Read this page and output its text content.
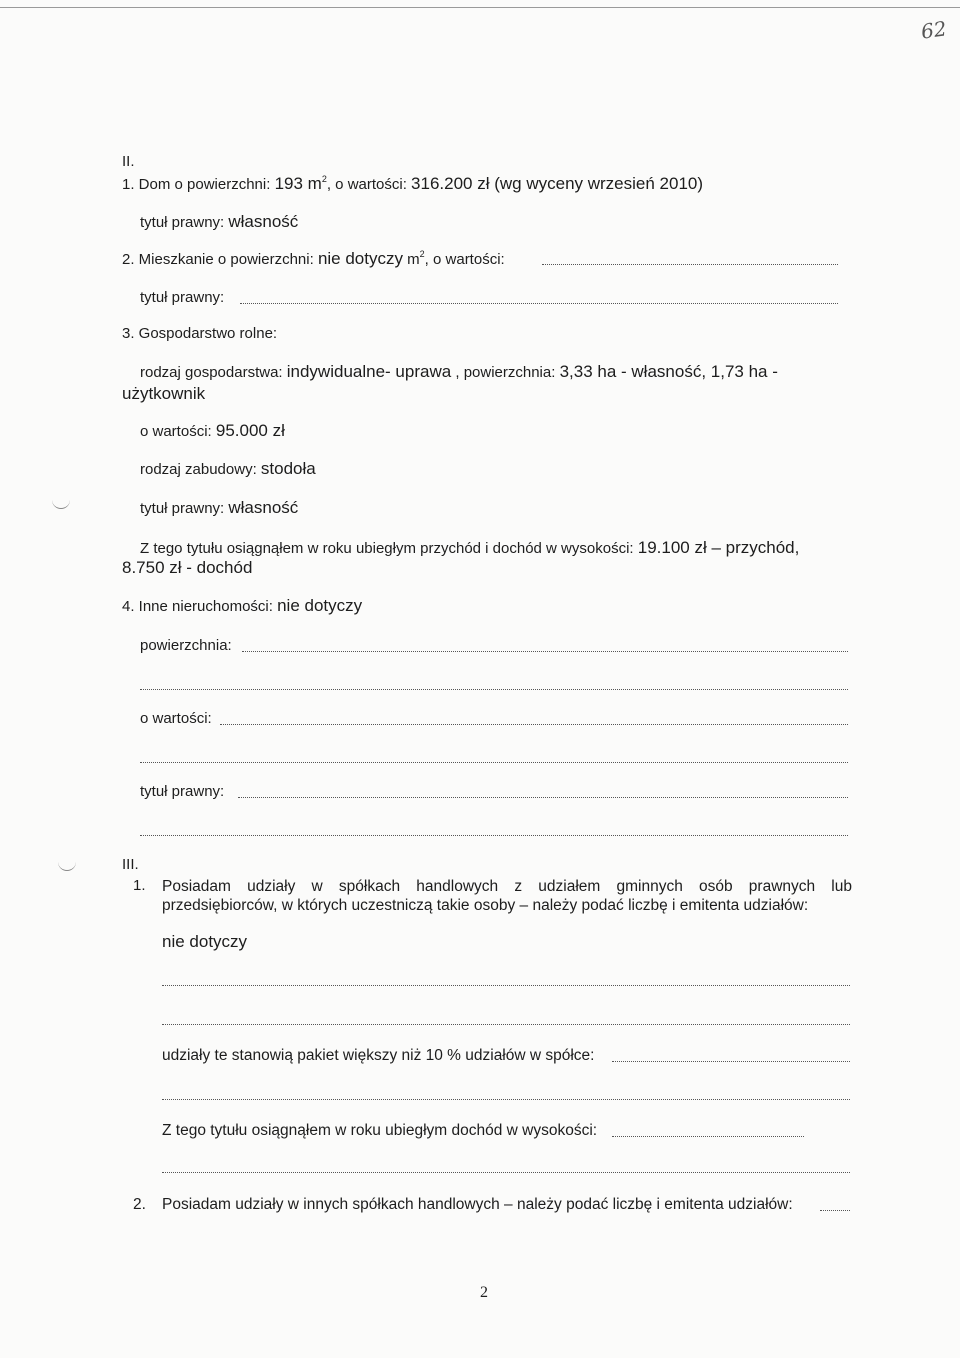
62
II.
1. Dom o powierzchni: 193 $m^2$, o wartości: 316.200 zł (wg wyceny wrzesień 2010)
tytuł prawny: własność
2. Mieszkanie o powierzchni: nie dotyczy $m^2$, o wartości:
tytuł prawny:
3. Gospodarstwo rolne:
rodzaj gospodarstwa: indywidualne- uprawa , powierzchnia: 3,33 ha - własność, 1,73 ha -
użytkownik
o wartości: 95.000 zł
rodzaj zabudowy: stodoła
tytuł prawny: własność
Z tego tytułu osiągnąłem w roku ubiegłym przychód i dochód w wysokości: 19.100 zł – przychód,
8.750 zł - dochód
4. Inne nieruchomości: nie dotyczy
powierzchnia:
o wartości:
tytuł prawny:
III.
1. Posiadam udziały w spółkach handlowych z udziałem gminnych osób prawnych lub przedsiębiorców, w których uczestniczą takie osoby – należy podać liczbę i emitenta udziałów:
nie dotyczy
udziały te stanowią pakiet większy niż 10 % udziałów w spółce:
Z tego tytułu osiągnąłem w roku ubiegłym dochód w wysokości:
2. Posiadam udziały w innych spółkach handlowych – należy podać liczbę i emitenta udziałów:
2
